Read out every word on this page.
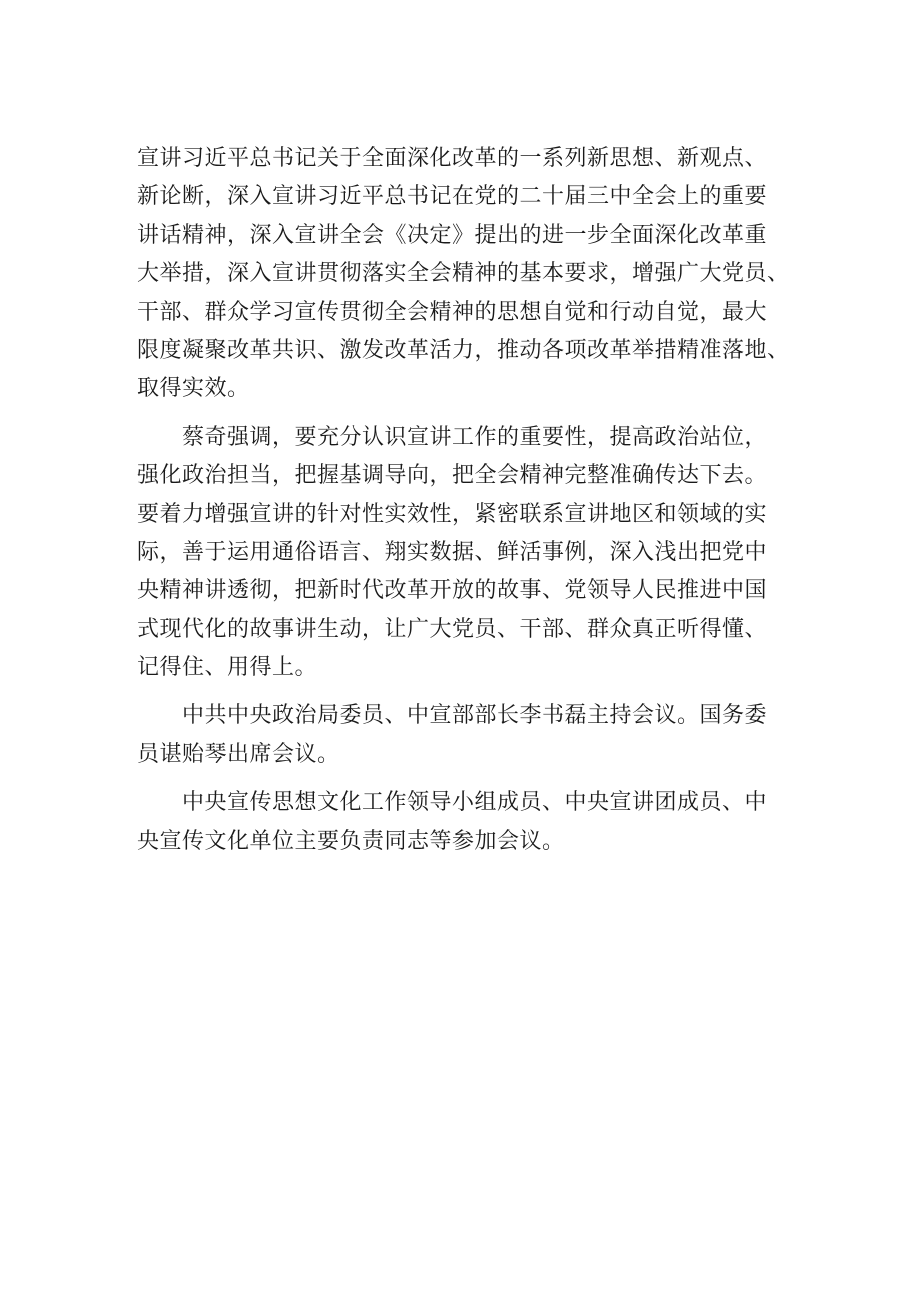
宣讲习近平总书记关于全面深化改革的一系列新思想、新观点、
新论断，深入宣讲习近平总书记在党的二十届三中全会上的重要
讲话精神，深入宣讲全会《决定》提出的进一步全面深化改革重
大举措，深入宣讲贯彻落实全会精神的基本要求，增强广大党员、
干部、群众学习宣传贯彻全会精神的思想自觉和行动自觉，最大
限度凝聚改革共识、激发改革活力，推动各项改革举措精准落地、
取得实效。
　　蔡奇强调，要充分认识宣讲工作的重要性，提高政治站位，
强化政治担当，把握基调导向，把全会精神完整准确传达下去。
要着力增强宣讲的针对性实效性，紧密联系宣讲地区和领域的实
际，善于运用通俗语言、翔实数据、鲜活事例，深入浅出把党中
央精神讲透彻，把新时代改革开放的故事、党领导人民推进中国
式现代化的故事讲生动，让广大党员、干部、群众真正听得懂、
记得住、用得上。
　　中共中央政治局委员、中宣部部长李书磊主持会议。国务委
员谌贻琴出席会议。
　　中央宣传思想文化工作领导小组成员、中央宣讲团成员、中
央宣传文化单位主要负责同志等参加会议。
